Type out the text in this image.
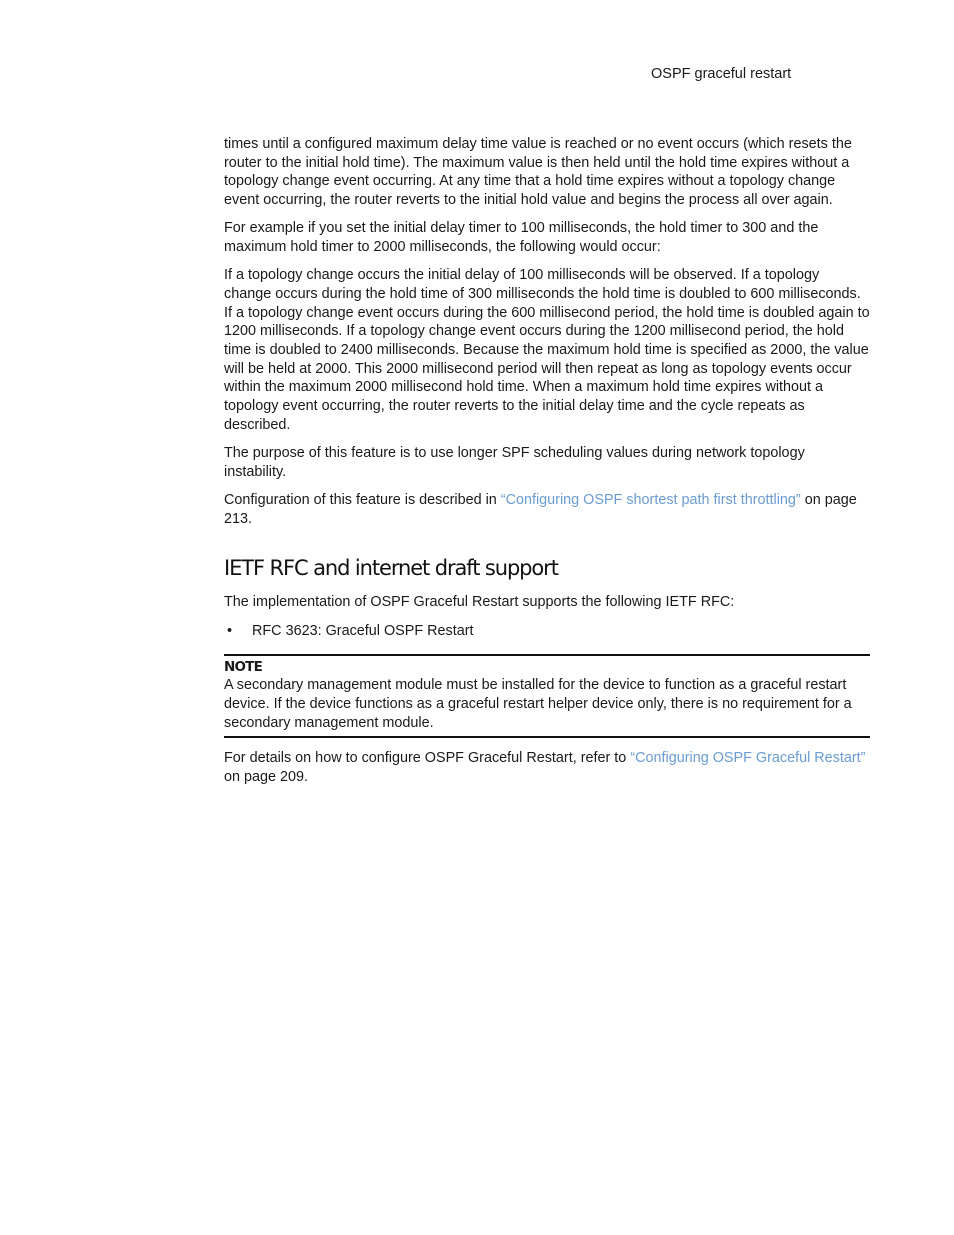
OSPF graceful restart

times until a configured maximum delay time value is reached or no event occurs (which resets the router to the initial hold time). The maximum value is then held until the hold time expires without a topology change event occurring. At any time that a hold time expires without a topology change event occurring, the router reverts to the initial hold value and begins the process all over again.

For example if you set the initial delay timer to 100 milliseconds, the hold timer to 300 and the maximum hold timer to 2000 milliseconds, the following would occur:

If a topology change occurs the initial delay of 100 milliseconds will be observed. If a topology change occurs during the hold time of 300 milliseconds the hold time is doubled to 600 milliseconds. If a topology change event occurs during the 600 millisecond period, the hold time is doubled again to 1200 milliseconds. If a topology change event occurs during the 1200 millisecond period, the hold time is doubled to 2400 milliseconds. Because the maximum hold time is specified as 2000, the value will be held at 2000. This 2000 millisecond period will then repeat as long as topology events occur within the maximum 2000 millisecond hold time. When a maximum hold time expires without a topology event occurring, the router reverts to the initial delay time and the cycle repeats as described.

The purpose of this feature is to use longer SPF scheduling values during network topology instability.

Configuration of this feature is described in “Configuring OSPF shortest path first throttling” on page 213.

IETF RFC and internet draft support

The implementation of OSPF Graceful Restart supports the following IETF RFC:

• RFC 3623: Graceful OSPF Restart
NOTE

A secondary management module must be installed for the device to function as a graceful restart device. If the device functions as a graceful restart helper device only, there is no requirement for a secondary management module.

For details on how to configure OSPF Graceful Restart, refer to “Configuring OSPF Graceful Restart” on page 209.
